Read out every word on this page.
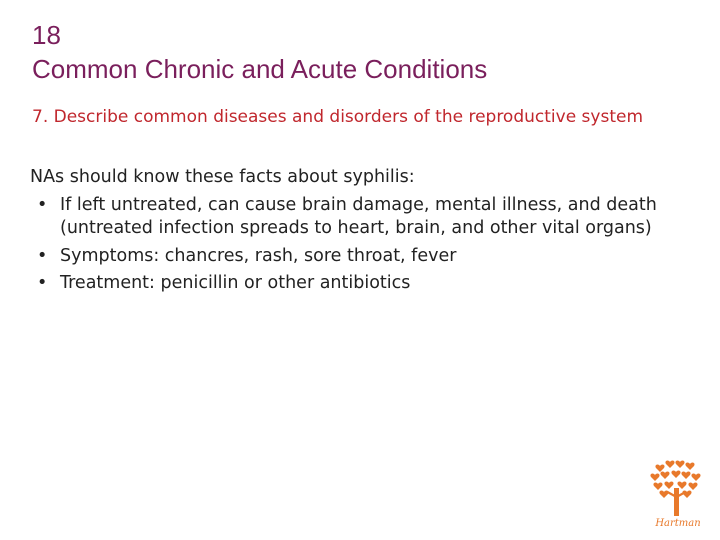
18
Common Chronic and Acute Conditions
7. Describe common diseases and disorders of the reproductive system
NAs should know these facts about syphilis:
• If left untreated, can cause brain damage, mental illness, and death (untreated infection spreads to heart, brain, and other vital organs)
• Symptoms: chancres, rash, sore throat, fever
• Treatment: penicillin or other antibiotics
Hartman
